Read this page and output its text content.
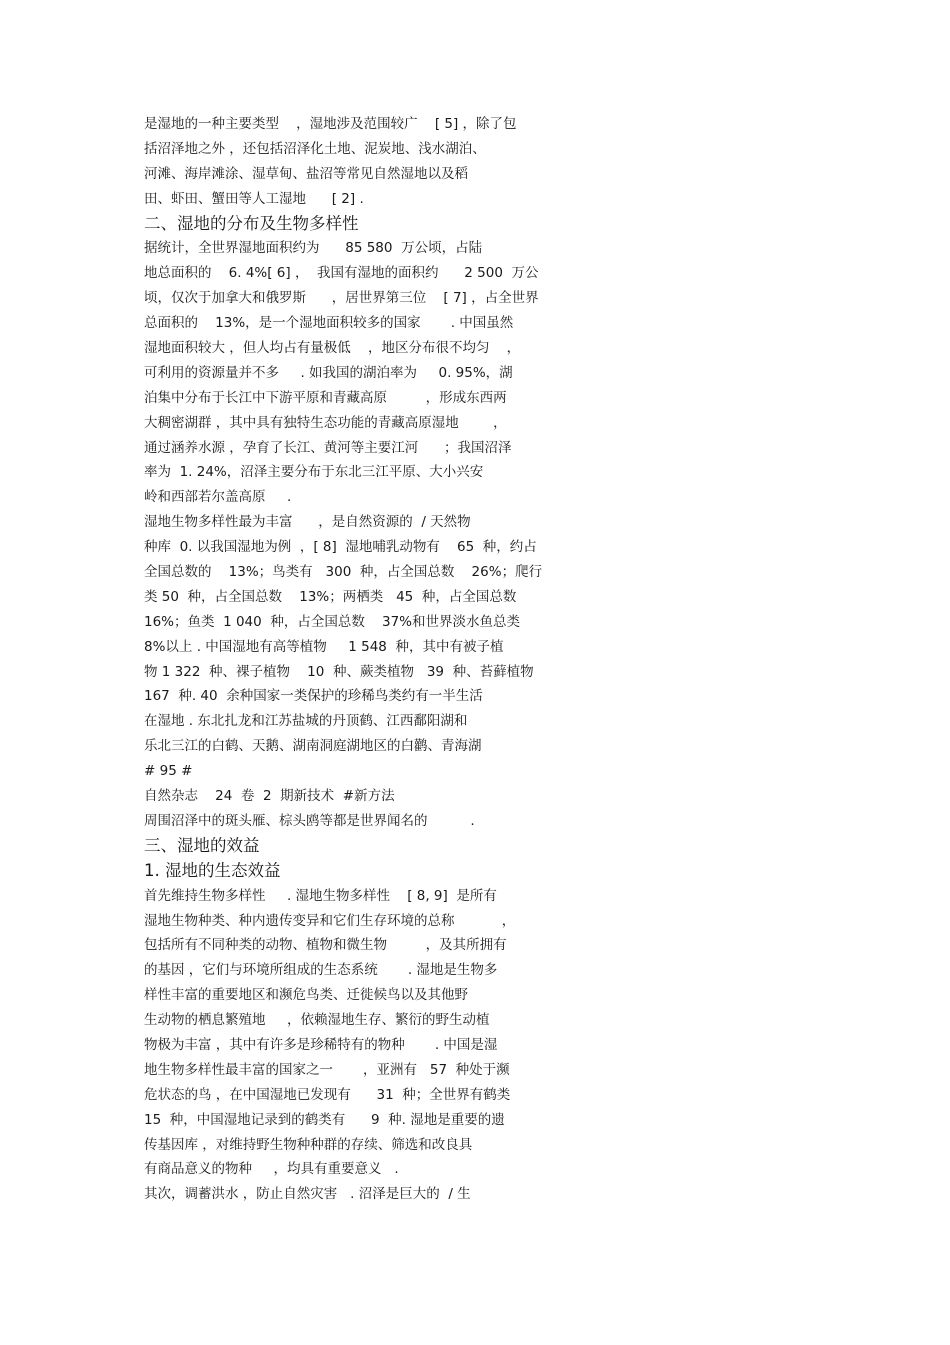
是湿地的一种主要类型    ，湿地涉及范围较广    [ 5] ，除了包
括沼泽地之外 ，还包括沼泽化土地、泥炭地、浅水湖泊、
河滩、海岸滩涂、湿草甸、盐沼等常见自然湿地以及稻
田、虾田、蟹田等人工湿地      [ 2] .
二、湿地的分布及生物多样性
据统计，全世界湿地面积约为      85 580  万公顷，占陆
地总面积的    6. 4%[ 6] ，  我国有湿地的面积约      2 500  万公
顷，仅次于加拿大和俄罗斯      ，居世界第三位    [ 7] ，占全世界
总面积的    13%，是一个湿地面积较多的国家       . 中国虽然
湿地面积较大 ，但人均占有量极低    ，地区分布很不均匀    ，
可利用的资源量并不多     . 如我国的湖泊率为     0. 95%，湖
泊集中分布于长江中下游平原和青藏高原         ，形成东西两
大稠密湖群 ，其中具有独特生态功能的青藏高原湿地        ，
通过涵养水源 ，孕育了长江、黄河等主要江河      ；我国沼泽
率为  1. 24%，沼泽主要分布于东北三江平原、大小兴安
岭和西部若尔盖高原     .
湿地生物多样性最为丰富      ，是自然资源的  / 天然物
种库  0. 以我国湿地为例  ，[ 8]  湿地哺乳动物有    65  种，约占
全国总数的    13%；鸟类有   300  种，占全国总数    26%；爬行
类 50  种，占全国总数    13%；两栖类   45  种，占全国总数
16%；鱼类  1 040  种，占全国总数    37%和世界淡水鱼总类
8%以上 . 中国湿地有高等植物     1 548  种，其中有被子植
物 1 322  种、裸子植物    10  种、蕨类植物   39  种、苔藓植物
167  种. 40  余种国家一类保护的珍稀鸟类约有一半生活
在湿地 . 东北扎龙和江苏盐城的丹顶鹤、江西鄱阳湖和
乐北三江的白鹤、天鹅、湖南洞庭湖地区的白鹳、青海湖
# 95 #
自然杂志    24  卷  2  期新技术  #新方法
周围沼泽中的斑头雁、棕头鸥等都是世界闻名的          .
三、湿地的效益
1. 湿地的生态效益
首先维持生物多样性     . 湿地生物多样性    [ 8, 9]  是所有
湿地生物种类、种内遗传变异和它们生存环境的总称           ，
包括所有不同种类的动物、植物和微生物         ，及其所拥有
的基因 ，它们与环境所组成的生态系统       . 湿地是生物多
样性丰富的重要地区和濒危鸟类、迁徙候鸟以及其他野
生动物的栖息繁殖地     ，依赖湿地生存、繁衍的野生动植
物极为丰富 ，其中有许多是珍稀特有的物种       . 中国是湿
地生物多样性最丰富的国家之一       ，亚洲有   57  种处于濒
危状态的鸟 ，在中国湿地已发现有      31  种；全世界有鹤类
15  种，中国湿地记录到的鹤类有      9  种. 湿地是重要的遗
传基因库 ，对维持野生物种种群的存续、筛选和改良具
有商品意义的物种     ，均具有重要意义   .
其次，调蓄洪水 ，防止自然灾害   . 沼泽是巨大的  / 生
